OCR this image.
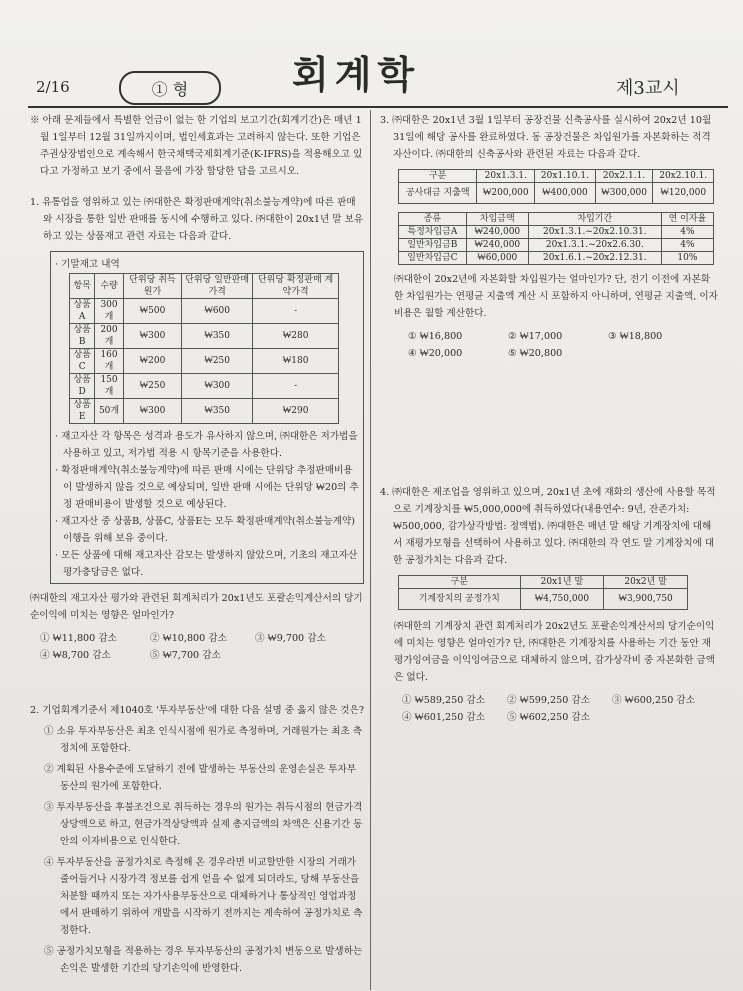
2/16	① 형	회계학	제3교시

※ 아래 문제들에서 특별한 언급이 없는 한 기업의 보고기간(회계기간)은 매년 1월 1일부터 12월 31일까지이며, 법인세효과는 고려하지 않는다. 또한 기업은 주권상장법인으로 계속해서 한국채택국제회계기준(K-IFRS)을 적용해오고 있다고 가정하고 보기 중에서 물음에 가장 합당한 답을 고르시오.

1. 유통업을 영위하고 있는 ㈜대한은 확정판매계약(취소불능계약)에 따른 판매와 시장을 통한 일반 판매를 동시에 수행하고 있다. ㈜대한이 20x1년 말 보유하고 있는 상품재고 관련 자료는 다음과 같다.

· 기말재고 내역

항목	수량	단위당 취득원가	단위당 일반판매가격	단위당 확정판매 계약가격
상품A	300개	₩500	₩600	-
상품B	200개	₩300	₩350	₩280
상품C	160개	₩200	₩250	₩180
상품D	150개	₩250	₩300	-
상품E	50개	₩300	₩350	₩290

· 재고자산 각 항목은 성격과 용도가 유사하지 않으며, ㈜대한은 저가법을 사용하고 있고, 저가법 적용 시 항목기준을 사용한다.

· 확정판매계약(취소불능계약)에 따른 판매 시에는 단위당 추정판매비용이 발생하지 않을 것으로 예상되며, 일반 판매 시에는 단위당 ₩20의 추정 판매비용이 발생할 것으로 예상된다.

· 재고자산 중 상품B, 상품C, 상품E는 모두 확정판매계약(취소불능계약) 이행을 위해 보유 중이다.

· 모든 상품에 대해 재고자산 감모는 발생하지 않았으며, 기초의 재고자산평가충당금은 없다.

㈜대한의 재고자산 평가와 관련된 회계처리가 20x1년도 포괄손익계산서의 당기순이익에 미치는 영향은 얼마인가?

① ₩11,800 감소	② ₩10,800 감소	③ ₩9,700 감소
④ ₩8,700 감소	⑤ ₩7,700 감소

2. 기업회계기준서 제1040호 '투자부동산'에 대한 다음 설명 중 옳지 않은 것은?

① 소유 투자부동산은 최초 인식시점에 원가로 측정하며, 거래원가는 최초 측정치에 포함한다.

② 계획된 사용수준에 도달하기 전에 발생하는 부동산의 운영손실은 투자부동산의 원가에 포함한다.

③ 투자부동산을 후불조건으로 취득하는 경우의 원가는 취득시점의 현금가격상당액으로 하고, 현금가격상당액과 실제 총지급액의 차액은 신용기간 동안의 이자비용으로 인식한다.

④ 투자부동산을 공정가치로 측정해 온 경우라면 비교할만한 시장의 거래가 줄어들거나 시장가격 정보를 쉽게 얻을 수 없게 되더라도, 당해 부동산을 처분할 때까지 또는 자가사용부동산으로 대체하거나 통상적인 영업과정에서 판매하기 위하여 개발을 시작하기 전까지는 계속하여 공정가치로 측정한다.

⑤ 공정가치모형을 적용하는 경우 투자부동산의 공정가치 변동으로 발생하는 손익은 발생한 기간의 당기손익에 반영한다.

3. ㈜대한은 20x1년 3월 1일부터 공장건물 신축공사를 실시하여 20x2년 10월 31일에 해당 공사를 완료하였다. 동 공장건물은 차입원가를 자본화하는 적격자산이다. ㈜대한의 신축공사와 관련된 자료는 다음과 같다.

구분	20x1.3.1.	20x1.10.1.	20x2.1.1.	20x2.10.1.
공사대금 지출액	₩200,000	₩400,000	₩300,000	₩120,000
종류	차입금액	차입기간	연 이자율
특정차입금A	₩240,000	20x1.3.1.~20x2.10.31.	4%
일반차입금B	₩240,000	20x1.3.1.~20x2.6.30.	4%
일반차입금C	₩60,000	20x1.6.1.~20x2.12.31.	10%

㈜대한이 20x2년에 자본화할 차입원가는 얼마인가? 단, 전기 이전에 자본화한 차입원가는 연평균 지출액 계산 시 포함하지 아니하며, 연평균 지출액, 이자비용은 월할 계산한다.

① ₩16,800	② ₩17,000	③ ₩18,800
④ ₩20,000	⑤ ₩20,800

4. ㈜대한은 제조업을 영위하고 있으며, 20x1년 초에 재화의 생산에 사용할 목적으로 기계장치를 ₩5,000,000에 취득하였다(내용연수: 9년, 잔존가치: ₩500,000, 감가상각방법: 정액법). ㈜대한은 매년 말 해당 기계장치에 대해서 재평가모형을 선택하여 사용하고 있다. ㈜대한의 각 연도 말 기계장치에 대한 공정가치는 다음과 같다.

구분	20x1년 말	20x2년 말
기계장치의 공정가치	₩4,750,000	₩3,900,750

㈜대한의 기계장치 관련 회계처리가 20x2년도 포괄손익계산서의 당기순이익에 미치는 영향은 얼마인가? 단, ㈜대한은 기계장치를 사용하는 기간 동안 재평가잉여금을 이익잉여금으로 대체하지 않으며, 감가상각비 중 자본화한 금액은 없다.

① ₩589,250 감소	② ₩599,250 감소	③ ₩600,250 감소
④ ₩601,250 감소	⑤ ₩602,250 감소
